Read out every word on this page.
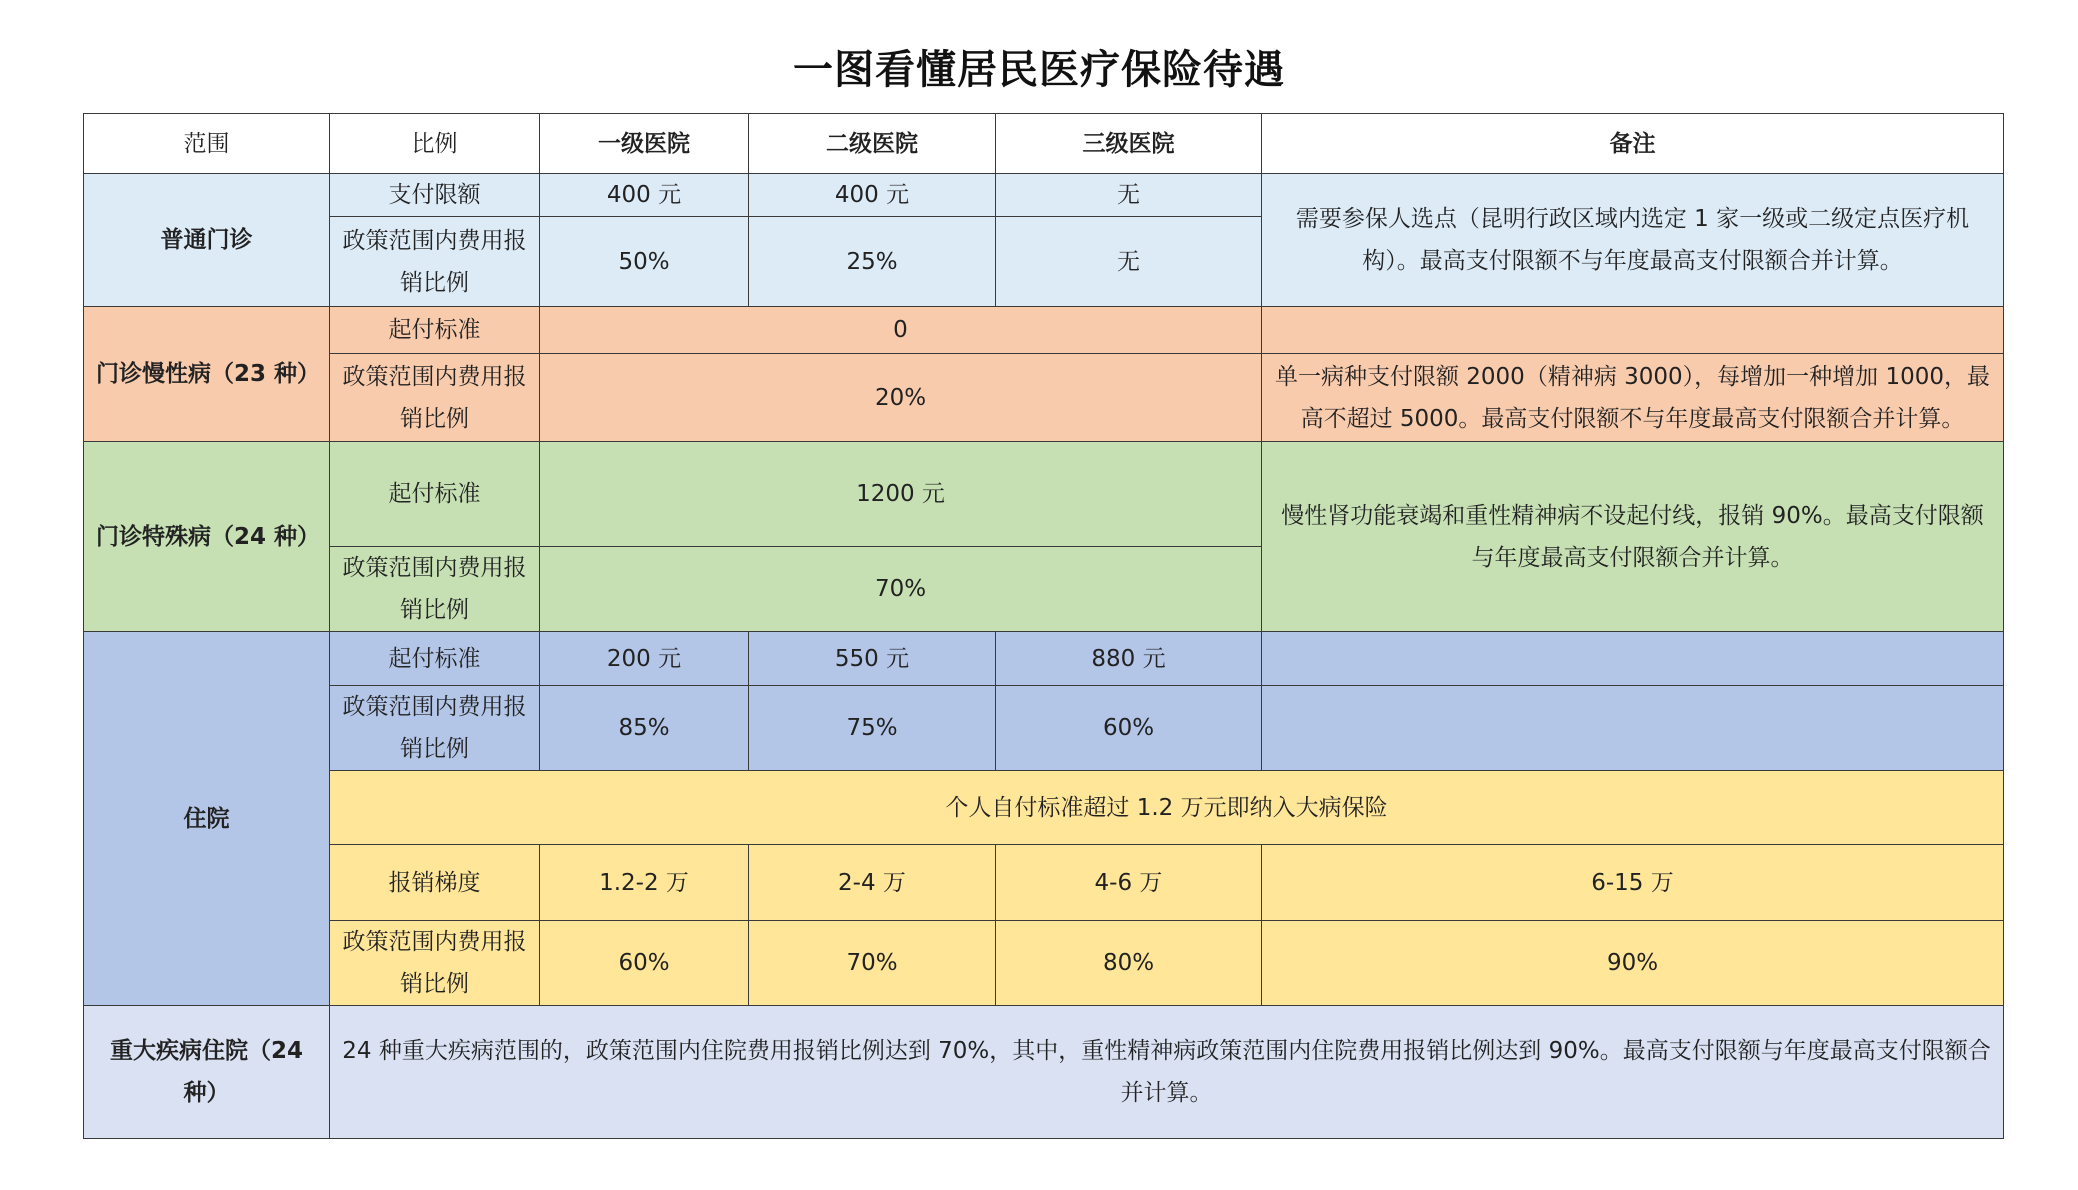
一图看懂居民医疗保险待遇
范围	比例	一级医院	二级医院	三级医院	备注
普通门诊	支付限额	400 元	400 元	无	需要参保人选点（昆明行政区域内选定 1 家一级或二级定点医疗机构）。最高支付限额不与年度最高支付限额合并计算。
	政策范围内费用报销比例	50%	25%	无	
门诊慢性病（23 种）	起付标准	0			
	政策范围内费用报销比例	20%			单一病种支付限额 2000（精神病 3000），每增加一种增加 1000，最高不超过 5000。最高支付限额不与年度最高支付限额合并计算。
门诊特殊病（24 种）	起付标准	1200 元			慢性肾功能衰竭和重性精神病不设起付线，报销 90%。最高支付限额与年度最高支付限额合并计算。
	政策范围内费用报销比例	70%			
住院	起付标准	200 元	550 元	880 元	
	政策范围内费用报销比例	85%	75%	60%	
	个人自付标准超过 1.2 万元即纳入大病保险				
	报销梯度	1.2-2 万	2-4 万	4-6 万	6-15 万
	政策范围内费用报销比例	60%	70%	80%	90%
重大疾病住院（24 种）	24 种重大疾病范围的，政策范围内住院费用报销比例达到 70%，其中，重性精神病政策范围内住院费用报销比例达到 90%。最高支付限额与年度最高支付限额合并计算。				
